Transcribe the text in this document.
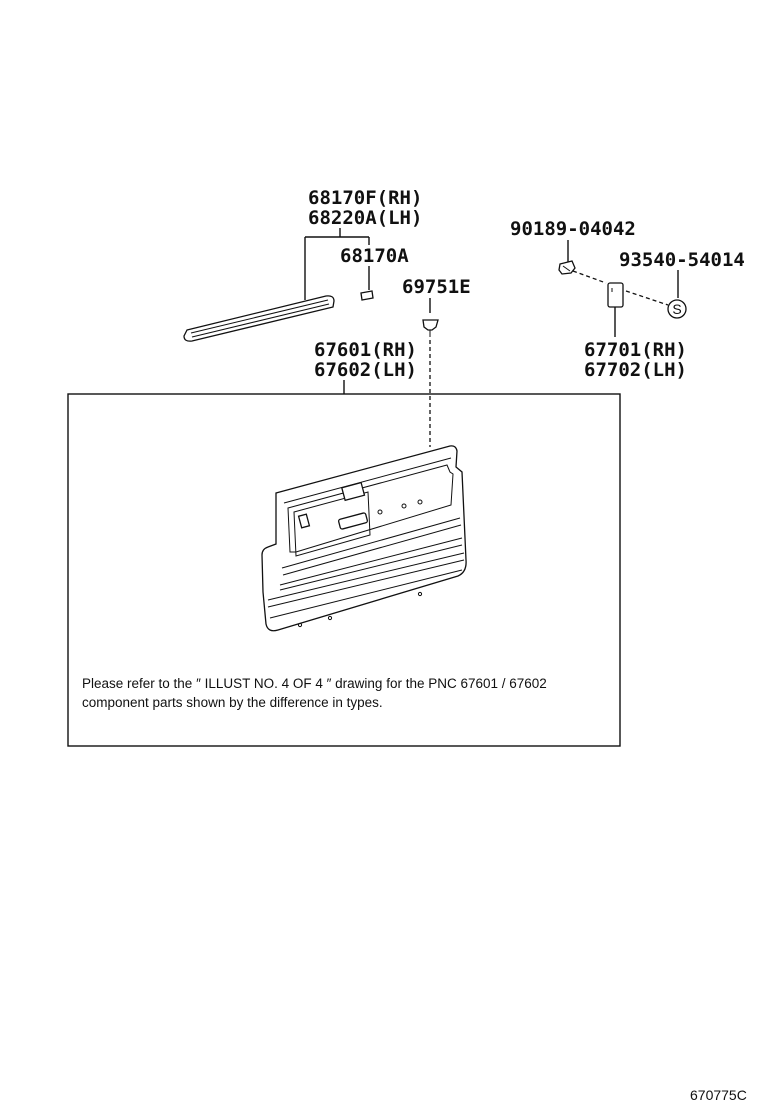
68170F(RH)
68220A(LH)
68170A
69751E
90189-04042
93540-54014
67601(RH)
67602(LH)
67701(RH)
67702(LH)
S
Please refer to the ″ ILLUST NO. 4 OF 4 ″ drawing for the PNC 67601 / 67602
component parts shown by the difference in types.
670775C
